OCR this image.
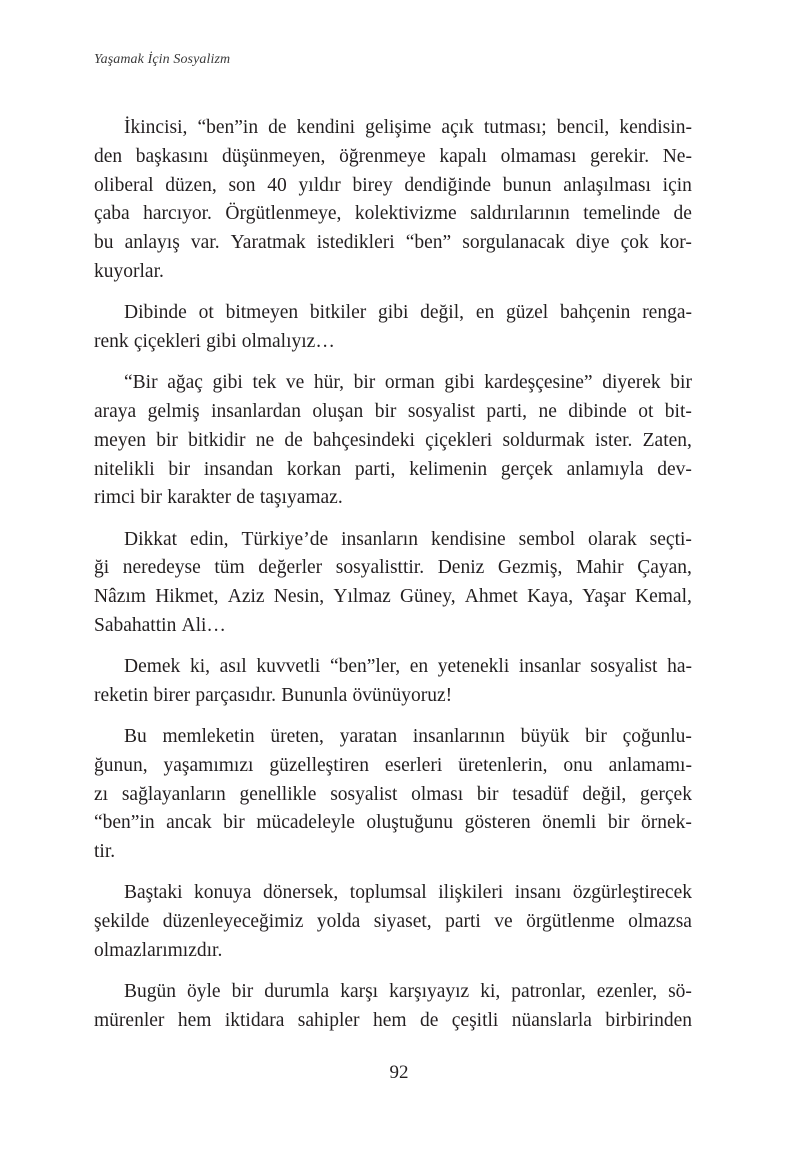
Yaşamak İçin Sosyalizm
İkincisi, “ben”in de kendini gelişime açık tutması; bencil, kendisin-
den başkasını düşünmeyen, öğrenmeye kapalı olmaması gerekir. Ne-
oliberal düzen, son 40 yıldır birey dendiğinde bunun anlaşılması için
çaba harcıyor. Örgütlenmeye, kolektivizme saldırılarının temelinde de
bu anlayış var. Yaratmak istedikleri “ben” sorgulanacak diye çok kor-
kuyorlar.
Dibinde ot bitmeyen bitkiler gibi değil, en güzel bahçenin renga-
renk çiçekleri gibi olmalıyız…
“Bir ağaç gibi tek ve hür, bir orman gibi kardeşçesine” diyerek bir
araya gelmiş insanlardan oluşan bir sosyalist parti, ne dibinde ot bit-
meyen bir bitkidir ne de bahçesindeki çiçekleri soldurmak ister. Zaten,
nitelikli bir insandan korkan parti, kelimenin gerçek anlamıyla dev-
rimci bir karakter de taşıyamaz.
Dikkat edin, Türkiye’de insanların kendisine sembol olarak seçti-
ği neredeyse tüm değerler sosyalisttir. Deniz Gezmiş, Mahir Çayan,
Nâzım Hikmet, Aziz Nesin, Yılmaz Güney, Ahmet Kaya, Yaşar Kemal,
Sabahattin Ali…
Demek ki, asıl kuvvetli “ben”ler, en yetenekli insanlar sosyalist ha-
reketin birer parçasıdır. Bununla övünüyoruz!
Bu memleketin üreten, yaratan insanlarının büyük bir çoğunlu-
ğunun, yaşamımızı güzelleştiren eserleri üretenlerin, onu anlamamı-
zı sağlayanların genellikle sosyalist olması bir tesadüf değil, gerçek
“ben”in ancak bir mücadeleyle oluştuğunu gösteren önemli bir örnek-
tir.
Baştaki konuya dönersek, toplumsal ilişkileri insanı özgürleştirecek
şekilde düzenleyeceğimiz yolda siyaset, parti ve örgütlenme olmazsa
olmazlarımızdır.
Bugün öyle bir durumla karşı karşıyayız ki, patronlar, ezenler, sö-
mürenler hem iktidara sahipler hem de çeşitli nüanslarla birbirinden
92
